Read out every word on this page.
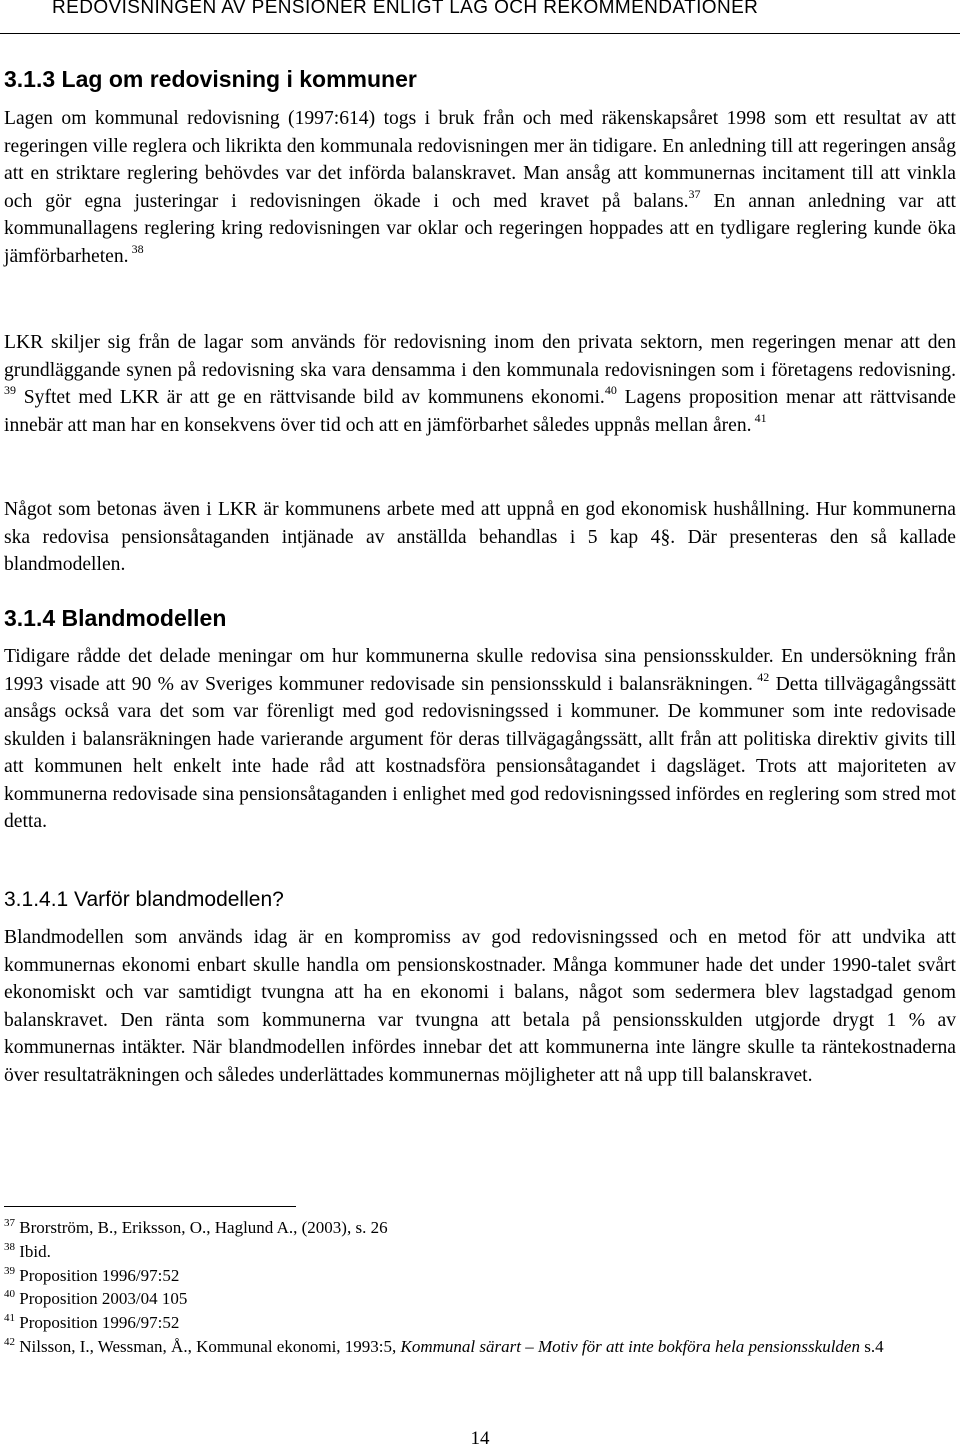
REDOVISNINGEN AV PENSIONER ENLIGT LAG OCH REKOMMENDATIONER
3.1.3 Lag om redovisning i kommuner

Lagen om kommunal redovisning (1997:614) togs i bruk från och med räkenskapsåret 1998 som ett resultat av att regeringen ville reglera och likrikta den kommunala redovisningen mer än tidigare. En anledning till att regeringen ansåg att en striktare reglering behövdes var det införda balanskravet. Man ansåg att kommunernas incitament till att vinkla och gör egna justeringar i redovisningen ökade i och med kravet på balans.$^{37}$ En annan anledning var att kommunallagens reglering kring redovisningen var oklar och regeringen hoppades att en tydligare reglering kunde öka jämförbarheten. $^{38}$

LKR skiljer sig från de lagar som används för redovisning inom den privata sektorn, men regeringen menar att den grundläggande synen på redovisning ska vara densamma i den kommunala redovisningen som i företagens redovisning. $^{39}$ Syftet med LKR är att ge en rättvisande bild av kommunens ekonomi.$^{40}$ Lagens proposition menar att rättvisande innebär att man har en konsekvens över tid och att en jämförbarhet således uppnås mellan åren. $^{41}$

Något som betonas även i LKR är kommunens arbete med att uppnå en god ekonomisk hushållning. Hur kommunerna ska redovisa pensionsåtaganden intjänade av anställda behandlas i 5 kap 4§. Där presenteras den så kallade blandmodellen.

3.1.4 Blandmodellen

Tidigare rådde det delade meningar om hur kommunerna skulle redovisa sina pensionsskulder. En undersökning från 1993 visade att 90 % av Sveriges kommuner redovisade sin pensionsskuld i balansräkningen. $^{42}$ Detta tillvägagångssätt ansågs också vara det som var förenligt med god redovisningssed i kommuner. De kommuner som inte redovisade skulden i balansräkningen hade varierande argument för deras tillvägagångssätt, allt från att politiska direktiv givits till att kommunen helt enkelt inte hade råd att kostnadsföra pensionsåtagandet i dagsläget. Trots att majoriteten av kommunerna redovisade sina pensionsåtaganden i enlighet med god redovisningssed infördes en reglering som stred mot detta.

3.1.4.1 Varför blandmodellen?

Blandmodellen som används idag är en kompromiss av god redovisningssed och en metod för att undvika att kommunernas ekonomi enbart skulle handla om pensionskostnader. Många kommuner hade det under 1990-talet svårt ekonomiskt och var samtidigt tvungna att ha en ekonomi i balans, något som sedermera blev lagstadgad genom balanskravet. Den ränta som kommunerna var tvungna att betala på pensionsskulden utgjorde drygt 1 % av kommunernas intäkter. När blandmodellen infördes innebar det att kommunerna inte längre skulle ta räntekostnaderna över resultaträkningen och således underlättades kommunernas möjligheter att nå upp till balanskravet.

$^{37}$ Brorström, B., Eriksson, O., Haglund A., (2003), s. 26
$^{38}$ Ibid.
$^{39}$ Proposition 1996/97:52
$^{40}$ Proposition 2003/04 105
$^{41}$ Proposition 1996/97:52
$^{42}$ Nilsson, I., Wessman, Å., Kommunal ekonomi, 1993:5, Kommunal särart – Motiv för att inte bokföra hela pensionsskulden s.4
14
